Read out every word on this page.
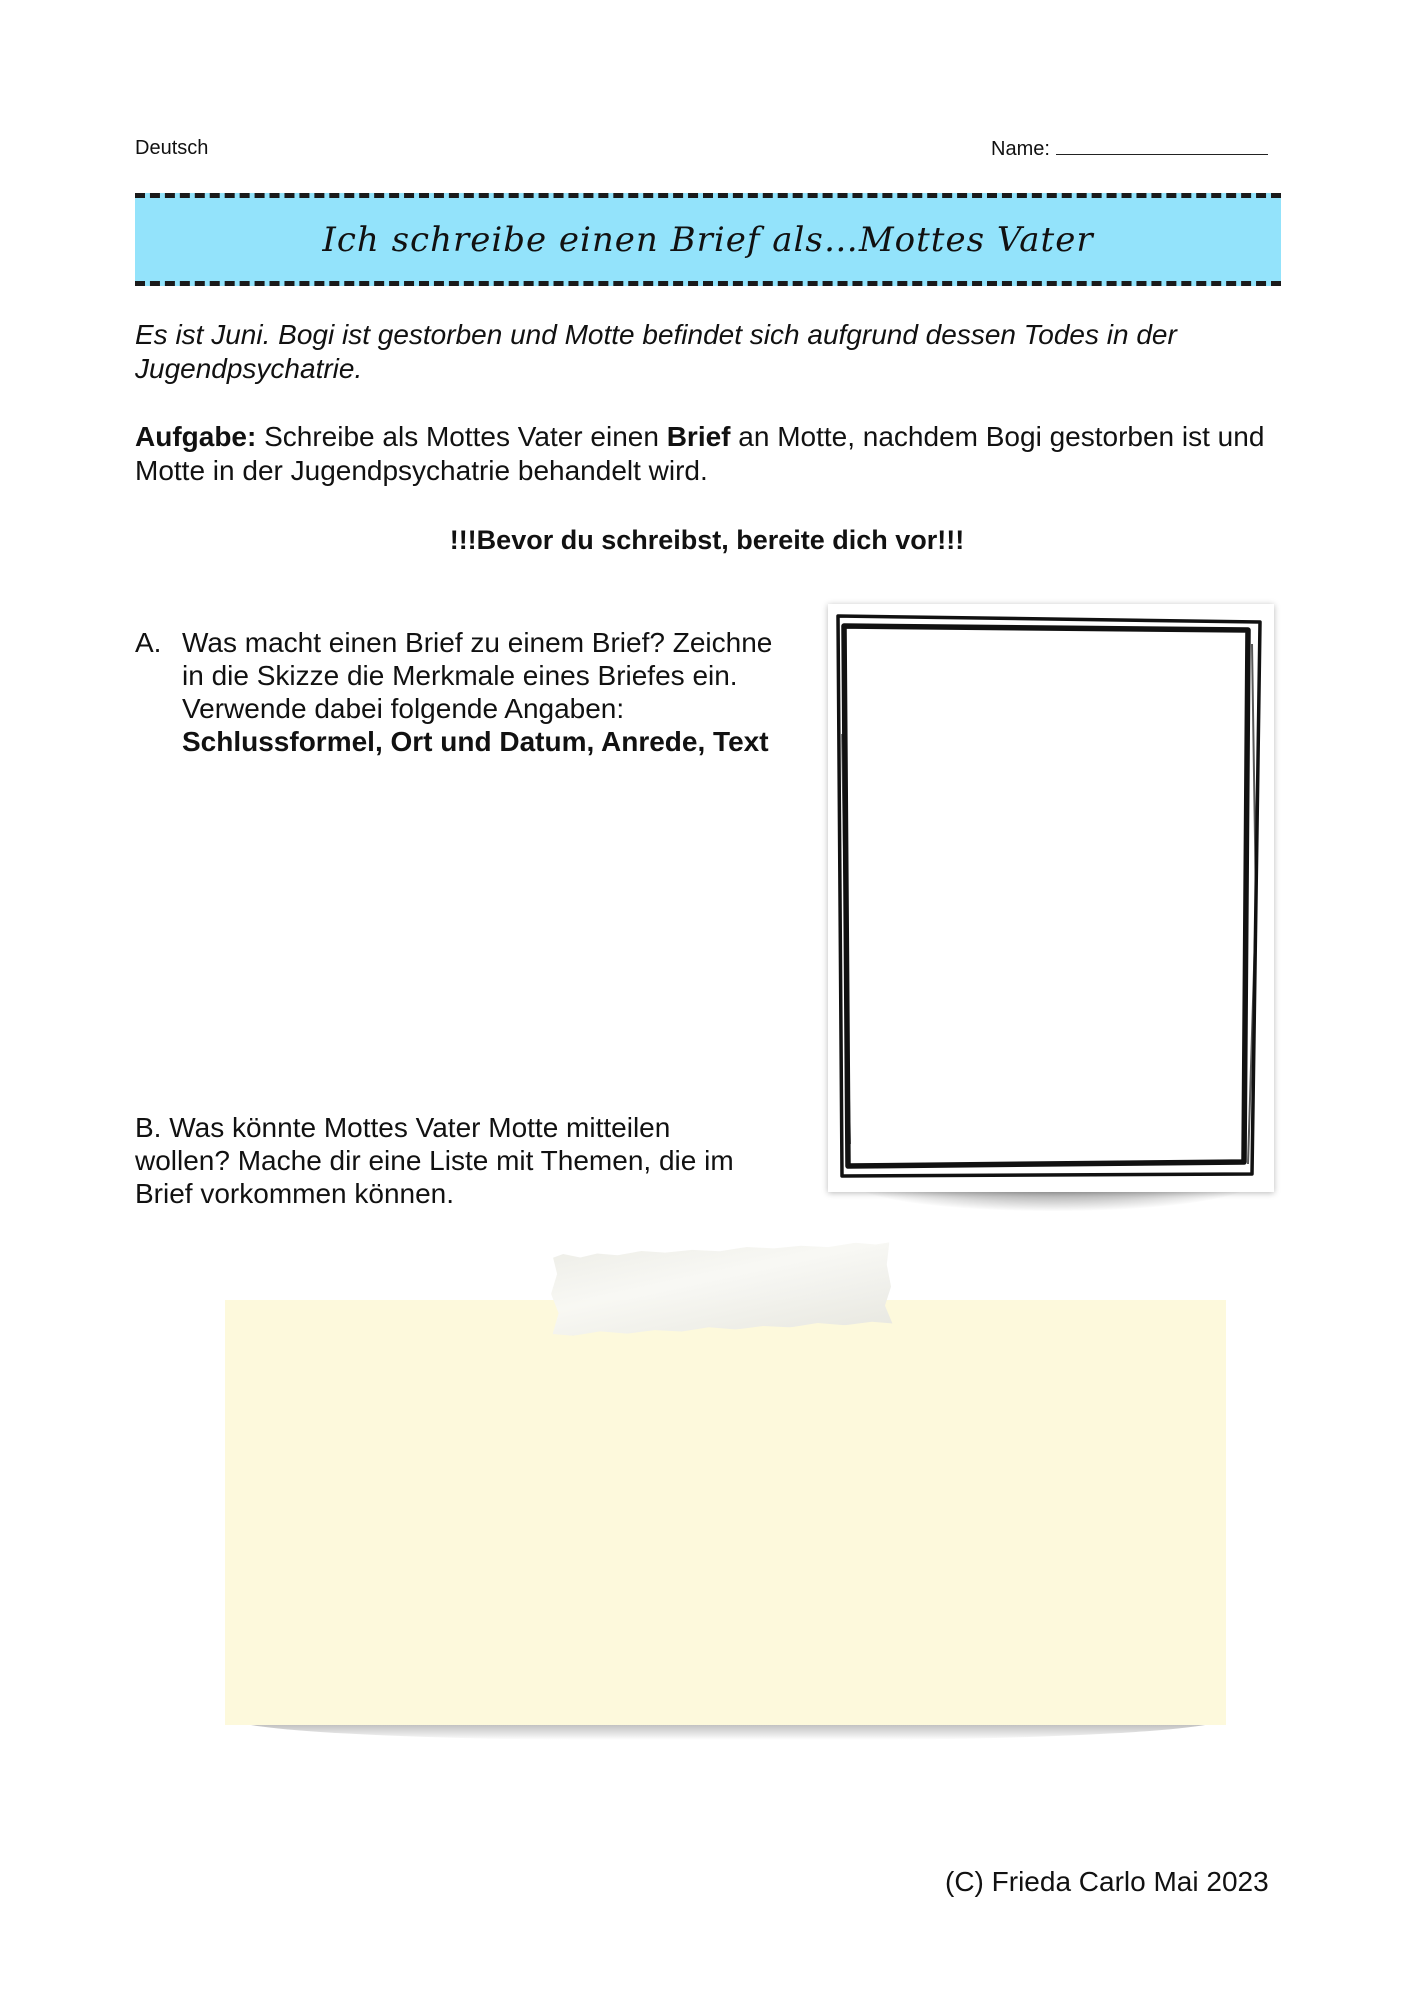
Deutsch	Name:
Ich schreibe einen Brief als…Mottes Vater
Es ist Juni. Bogi ist gestorben und Motte befindet sich aufgrund dessen Todes in der Jugendpsychatrie.
Aufgabe: Schreibe als Mottes Vater einen Brief an Motte, nachdem Bogi gestorben ist und Motte in der Jugendpsychatrie behandelt wird.
!!!Bevor du schreibst, bereite dich vor!!!
A. Was macht einen Brief zu einem Brief? Zeichne in die Skizze die Merkmale eines Briefes ein. Verwende dabei folgende Angaben:
Schlussformel, Ort und Datum, Anrede, Text
B. Was könnte Mottes Vater Motte mitteilen wollen? Mache dir eine Liste mit Themen, die im Brief vorkommen können.
(C) Frieda Carlo Mai 2023
